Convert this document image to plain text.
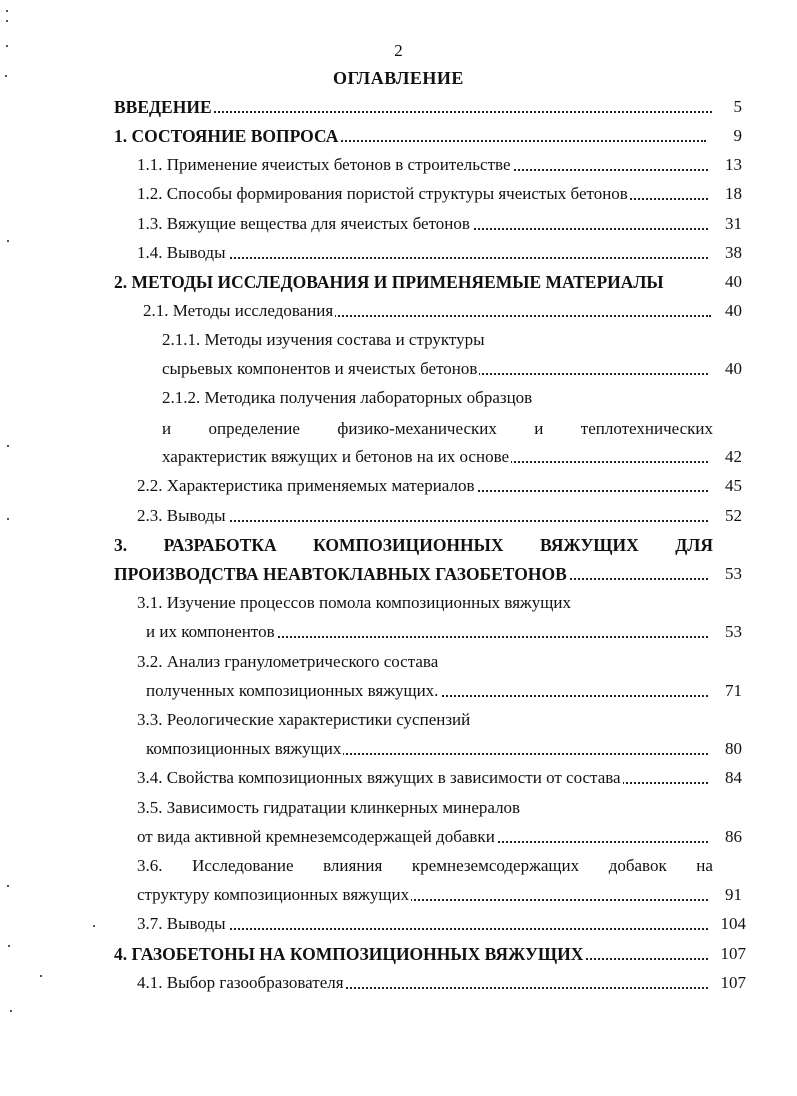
2
ОГЛАВЛЕНИЕ
ВВЕДЕНИЕ	5
1. СОСТОЯНИЕ ВОПРОСА	9
1.1. Применение ячеистых бетонов в строительстве	13
1.2. Способы формирования пористой структуры ячеистых бетонов	18
1.3. Вяжущие вещества для ячеистых бетонов	31
1.4. Выводы	38
2. МЕТОДЫ ИССЛЕДОВАНИЯ И ПРИМЕНЯЕМЫЕ МАТЕРИАЛЫ	40
2.1. Методы исследования	40
2.1.1. Методы изучения состава и структуры
сырьевых компонентов и ячеистых бетонов	40
2.1.2. Методика получения лабораторных образцов
и определение физико-механических и теплотехнических
характеристик вяжущих и бетонов на их основе	42
2.2. Характеристика применяемых материалов	45
2.3. Выводы	52
3. РАЗРАБОТКА КОМПОЗИЦИОННЫХ ВЯЖУЩИХ ДЛЯ
ПРОИЗВОДСТВА НЕАВТОКЛАВНЫХ ГАЗОБЕТОНОВ	53
3.1. Изучение процессов помола композиционных вяжущих
и их компонентов	53
3.2. Анализ гранулометрического состава
полученных композиционных вяжущих.	71
3.3. Реологические характеристики суспензий
композиционных вяжущих	80
3.4. Свойства композиционных вяжущих в зависимости от состава	84
3.5. Зависимость гидратации клинкерных минералов
от вида активной кремнеземсодержащей добавки	86
3.6. Исследование влияния кремнеземсодержащих добавок на
структуру композиционных вяжущих	91
3.7. Выводы	104
4. ГАЗОБЕТОНЫ НА КОМПОЗИЦИОННЫХ ВЯЖУЩИХ	107
4.1. Выбор газообразователя	107
